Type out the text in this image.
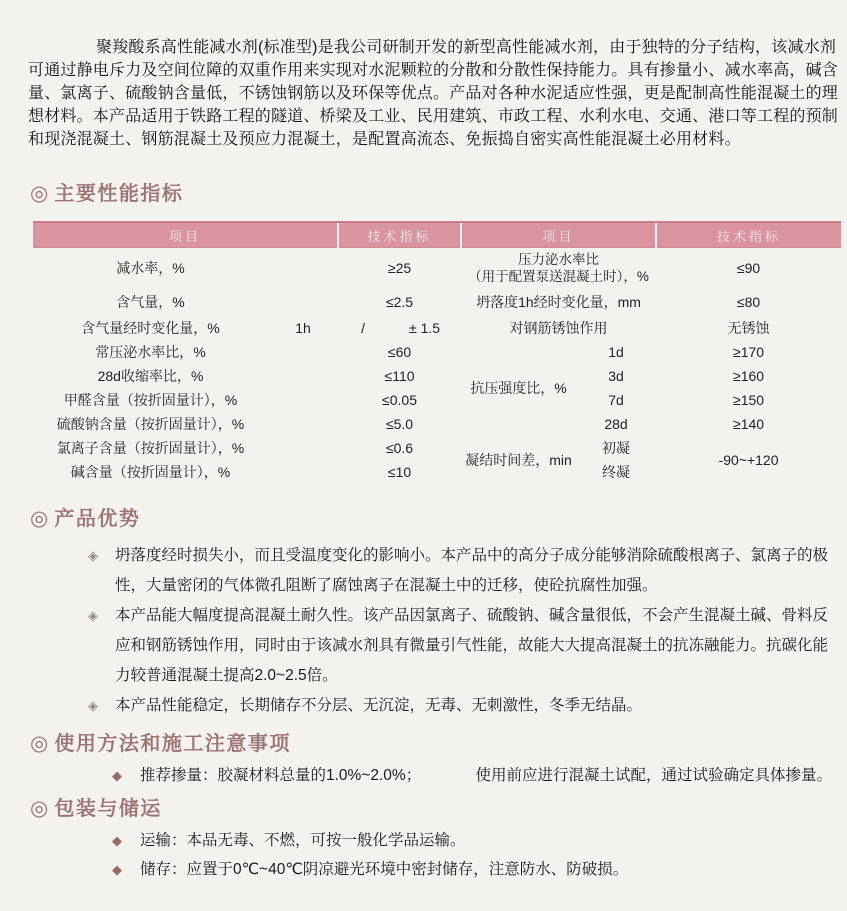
聚羧酸系高性能减水剂(标准型)是我公司研制开发的新型高性能减水剂，由于独特的分子结构，该减水剂可通过静电斥力及空间位障的双重作用来实现对水泥颗粒的分散和分散性保持能力。具有掺量小、减水率高，碱含量、氯离子、硫酸钠含量低，不锈蚀钢筋以及环保等优点。产品对各种水泥适应性强，更是配制高性能混凝土的理想材料。本产品适用于铁路工程的隧道、桥梁及工业、民用建筑、市政工程、水利水电、交通、港口等工程的预制和现浇混凝土、钢筋混凝土及预应力混凝土，是配置高流态、免振捣自密实高性能混凝土必用材料。

◎ 主要性能指标
项目		技术指标		项目		技术指标
减水率，%		≥25		压力泌水率比
（用于配置泵送混凝土时），%		≤90
含气量，%		≤2.5		坍落度1h经时变化量，mm		≤80
含气量经时变化量，%	1h	/	± 1.5	对钢筋锈蚀作用		无锈蚀
常压泌水率比，%		≤60		抗压强度比，%	1d	≥170
28d收缩率比，%		≤110			3d	≥160
甲醛含量（按折固量计），%		≤0.05			7d	≥150
硫酸钠含量（按折固量计），%		≤5.0			28d	≥140
氯离子含量（按折固量计），%		≤0.6		凝结时间差，min	初凝	-90~+120
碱含量（按折固量计），%		≤10			终凝	
◎ 产品优势
◈ 坍落度经时损失小，而且受温度变化的影响小。本产品中的高分子成分能够消除硫酸根离子、氯离子的极性，大量密闭的气体微孔阻断了腐蚀离子在混凝土中的迁移，使砼抗腐性加强。
◈ 本产品能大幅度提高混凝土耐久性。该产品因氯离子、硫酸钠、碱含量很低，不会产生混凝土碱、骨料反应和钢筋锈蚀作用，同时由于该减水剂具有微量引气性能，故能大大提高混凝土的抗冻融能力。抗碳化能力较普通混凝土提高2.0~2.5倍。
◈ 本产品性能稳定，长期储存不分层、无沉淀，无毒、无刺激性，冬季无结晶。
◎ 使用方法和施工注意事项
◆ 推荐掺量：胶凝材料总量的1.0%~2.0%；	使用前应进行混凝土试配，通过试验确定具体掺量。
◎ 包装与储运
◆ 运输：本品无毒、不燃，可按一般化学品运输。
◆ 储存：应置于0℃~40℃阴凉避光环境中密封储存，注意防水、防破损。
